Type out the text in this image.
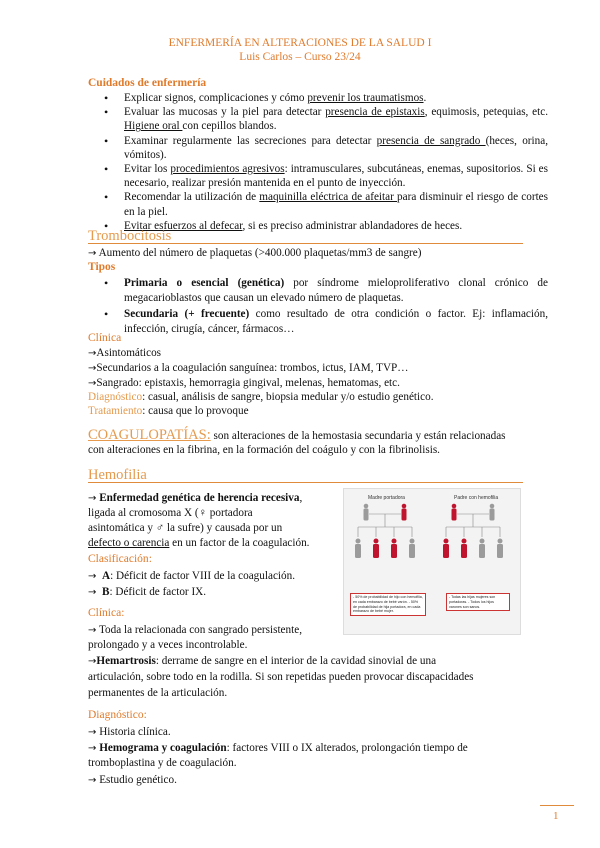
ENFERMERÍA EN ALTERACIONES DE LA SALUD I
Luis Carlos – Curso 23/24
Cuidados de enfermería
• Explicar signos, complicaciones y cómo prevenir los traumatismos.
• Evaluar las mucosas y la piel para detectar presencia de epistaxis, equimosis, petequias, etc. Higiene oral con cepillos blandos.
• Examinar regularmente las secreciones para detectar presencia de sangrado (heces, orina, vómitos).
• Evitar los procedimientos agresivos: intramusculares, subcutáneas, enemas, supositorios. Si es necesario, realizar presión mantenida en el punto de inyección.
• Recomendar la utilización de maquinilla eléctrica de afeitar para disminuir el riesgo de cortes en la piel.
• Evitar esfuerzos al defecar, si es preciso administrar ablandadores de heces.
Trombocitosis
→ Aumento del número de plaquetas (>400.000 plaquetas/mm3 de sangre)
Tipos
• Primaria o esencial (genética) por síndrome mieloproliferativo clonal crónico de megacarioblastos que causan un elevado número de plaquetas.
• Secundaria (+ frecuente) como resultado de otra condición o factor. Ej: inflamación, infección, cirugía, cáncer, fármacos…
Clínica
→Asintomáticos
→Secundarios a la coagulación sanguínea: trombos, ictus, IAM, TVP…
→Sangrado: epistaxis, hemorragia gingival, melenas, hematomas, etc.
Diagnóstico: casual, análisis de sangre, biopsia medular y/o estudio genético.
Tratamiento: causa que lo provoque
COAGULOPATÍAS: son alteraciones de la hemostasia secundaria y están relacionadas
con alteraciones en la fibrina, en la formación del coágulo y con la fibrinolisis.
Hemofilia
→ Enfermedad genética de herencia recesiva,
ligada al cromosoma X (♀ portadora
asintomática y ♂ la sufre) y causada por un
defecto o carencia en un factor de la coagulación.
Clasificación:
→ A: Déficit de factor VIII de la coagulación.
→ B: Déficit de factor IX.
Clínica:
→ Toda la relacionada con sangrado persistente,
prolongado y a veces incontrolable.
→Hemartrosis: derrame de sangre en el interior de la cavidad sinovial de una
articulación, sobre todo en la rodilla. Si son repetidas pueden provocar discapacidades
permanentes de la articulación.
Diagnóstico:
→ Historia clínica.
→ Hemograma y coagulación: factores VIII o IX alterados, prolongación tiempo de
tromboplastina y de coagulación.
→ Estudio genético.
Madre portadora	Padre con hemofilia
- 50% de probabilidad de hijo con hemofilia, en cada embarazo de bebé varón. - 50% de probabilidad de hija portadora, en cada embarazo de bebé mujer.
- Todas las hijas mujeres son portadoras. - Todos los hijos varones son sanos.
1
